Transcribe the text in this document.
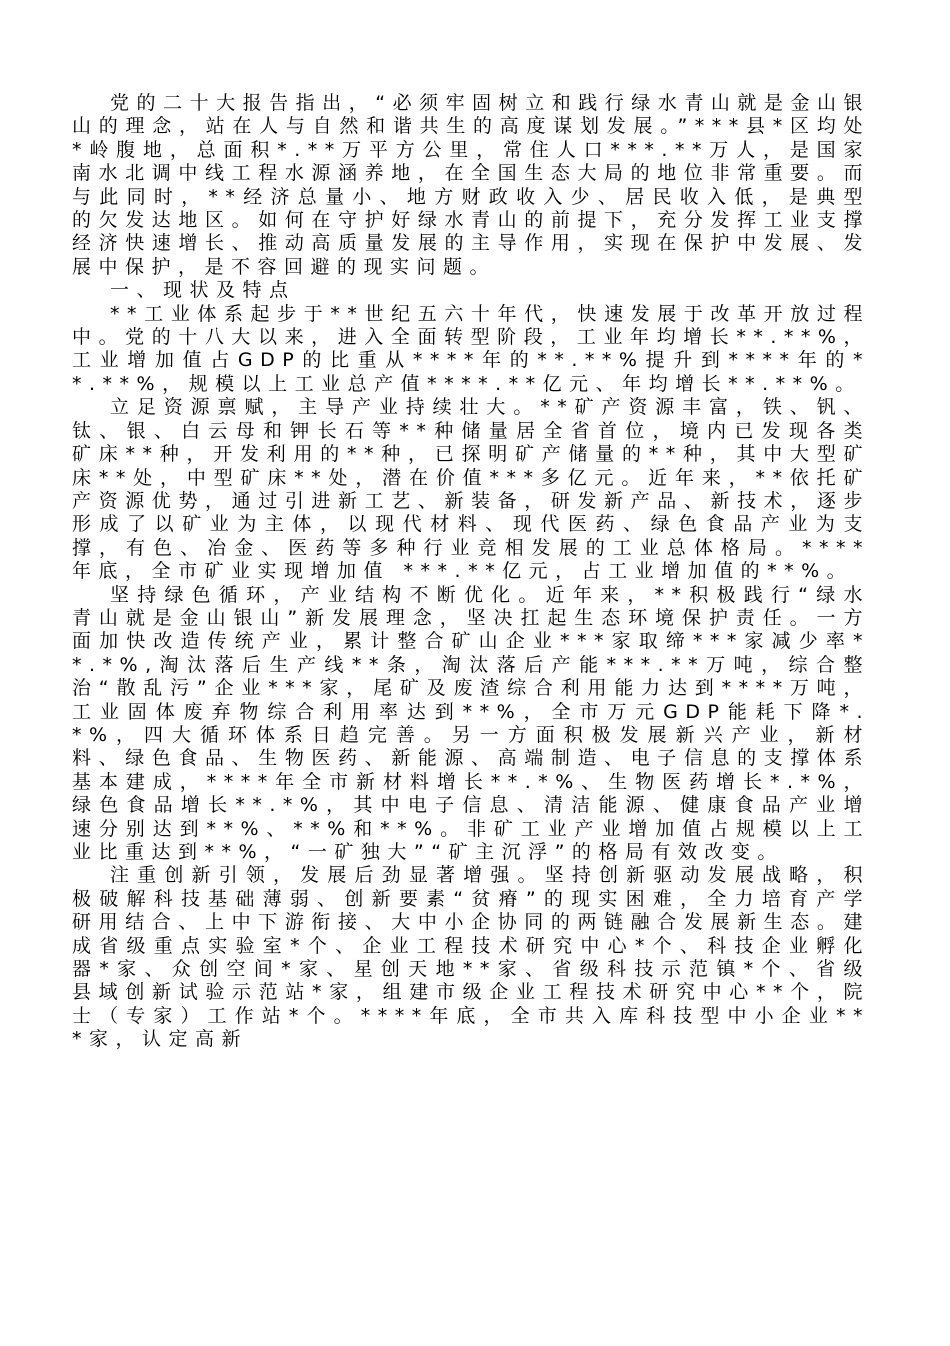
党的二十大报告指出，“必须牢固树立和践行绿水青山就是金山银山的理念，站在人与自然和谐共生的高度谋划发展。”***县*区均处*岭腹地，总面积*.**万平方公里，常住人口***.**万人，是国家南水北调中线工程水源涵养地，在全国生态大局的地位非常重要。而与此同时，**经济总量小、地方财政收入少、居民收入低，是典型的欠发达地区。如何在守护好绿水青山的前提下，充分发挥工业支撑经济快速增长、推动高质量发展的主导作用，实现在保护中发展、发展中保护，是不容回避的现实问题。

一、现状及特点

**工业体系起步于**世纪五六十年代，快速发展于改革开放过程中。党的十八大以来，进入全面转型阶段，工业年均增长**.**%，工业增加值占GDP的比重从****年的**.**%提升到****年的**.**%，规模以上工业总产值****.**亿元、年均增长**.**%。

立足资源禀赋，主导产业持续壮大。**矿产资源丰富，铁、钒、钛、银、白云母和钾长石等**种储量居全省首位，境内已发现各类矿床**种，开发利用的**种，已探明矿产储量的**种，其中大型矿床**处，中型矿床**处，潜在价值***多亿元。近年来，**依托矿产资源优势，通过引进新工艺、新装备，研发新产品、新技术，逐步形成了以矿业为主体，以现代材料、现代医药、绿色食品产业为支撑，有色、冶金、医药等多种行业竞相发展的工业总体格局。****年底，全市矿业实现增加值 ***.**亿元，占工业增加值的**%。

坚持绿色循环，产业结构不断优化。近年来，**积极践行“绿水青山就是金山银山”新发展理念，坚决扛起生态环境保护责任。一方面加快改造传统产业，累计整合矿山企业***家取缔***家减少率**.*%,淘汰落后生产线**条，淘汰落后产能***.**万吨，综合整治“散乱污”企业***家，尾矿及废渣综合利用能力达到****万吨，工业固体废弃物综合利用率达到**%，全市万元GDP能耗下降*.*%，四大循环体系日趋完善。另一方面积极发展新兴产业，新材料、绿色食品、生物医药、新能源、高端制造、电子信息的支撑体系基本建成，****年全市新材料增长**.*%、生物医药增长*.*%，绿色食品增长**.*%，其中电子信息、清洁能源、健康食品产业增速分别达到**%、**%和**%。非矿工业产业增加值占规模以上工业比重达到**%，“一矿独大”“矿主沉浮”的格局有效改变。

注重创新引领，发展后劲显著增强。坚持创新驱动发展战略，积极破解科技基础薄弱、创新要素“贫瘠”的现实困难，全力培育产学研用结合、上中下游衔接、大中小企协同的两链融合发展新生态。建成省级重点实验室*个、企业工程技术研究中心*个、科技企业孵化器*家、众创空间*家、星创天地**家、省级科技示范镇*个、省级县域创新试验示范站*家，组建市级企业工程技术研究中心**个，院士（专家）工作站*个。****年底，全市共入库科技型中小企业***家，认定高新
